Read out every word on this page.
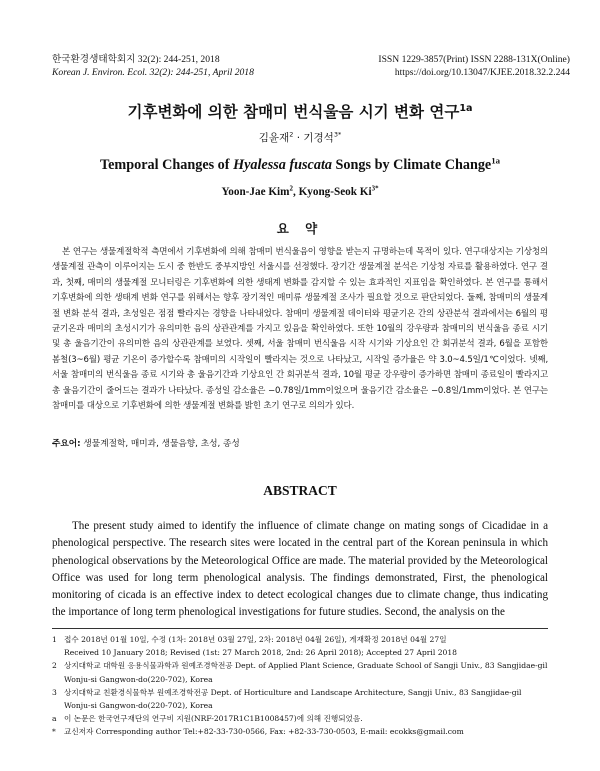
한국환경생태학회지 32(2): 244-251, 2018
Korean J. Environ. Ecol. 32(2): 244-251, April 2018
ISSN 1229-3857(Print) ISSN 2288-131X(Online)
https://doi.org/10.13047/KJEE.2018.32.2.244
기후변화에 의한 참매미 번식울음 시기 변화 연구$^{1a}$
김윤재$^2$ · 기경석$^{3*}$
Temporal Changes of Hyalessa fuscata Songs by Climate Change$^{1a}$
Yoon-Jae Kim$^2$, Kyong-Seok $Ki^{3*}$
요 약

본 연구는 생물계절학적 측면에서 기후변화에 의해 참매미 번식울음이 영향을 받는지 규명하는데 목적이 있다. 연구대상지는 기상청의 생물계절 관측이 이루어지는 도시 중 한반도 중부지방인 서울시를 선정했다. 장기간 생물계절 분석은 기상청 자료를 활용하였다. 연구 결과, 첫째, 매미의 생물계절 모니터링은 기후변화에 의한 생태계 변화를 감지할 수 있는 효과적인 지표임을 확인하였다. 본 연구를 통해서 기후변화에 의한 생태계 변화 연구를 위해서는 향후 장기적인 매미류 생물계절 조사가 필요할 것으로 판단되었다. 둘째, 참매미의 생물계절 변화 분석 결과, 초성일은 점점 빨라지는 경향을 나타내었다. 참매미 생물계절 데이터와 평균기온 간의 상관분석 결과에서는 6월의 평균기온과 매미의 초성시기가 유의미한 음의 상관관계를 가지고 있음을 확인하였다. 또한 10월의 강우량과 참매미의 번식울음 종료 시기 및 총 울음기간이 유의미한 음의 상관관계를 보였다. 셋째, 서울 참매미 번식울음 시작 시기와 기상요인 간 회귀분석 결과, 6월을 포함한 봄철(3~6월) 평균 기온이 증가할수록 참매미의 시작일이 빨라지는 것으로 나타났고, 시작일 증가율은 약 3.0~4.5일/1℃이었다. 넷째, 서울 참매미의 번식울음 종료 시기와 총 울음기간과 기상요인 간 회귀분석 결과, 10월 평균 강우량이 증가하면 참매미 종료일이 빨라지고 총 울음기간이 줄어드는 결과가 나타났다. 종성일 감소율은 −0.78일/1mm이었으며 울음기간 감소율은 −0.8일/1mm이었다. 본 연구는 참매미를 대상으로 기후변화에 의한 생물계절 변화를 밝힌 초기 연구로 의의가 있다.

주요어: 생물계절학, 매미과, 생물음향, 초성, 종성
ABSTRACT

The present study aimed to identify the influence of climate change on mating songs of Cicadidae in a phenological perspective. The research sites were located in the central part of the Korean peninsula in which phenological observations by the Meteorological Office are made. The material provided by the Meteorological Office was used for long term phenological analysis. The findings demonstrated, First, the phenological monitoring of cicada is an effective index to detect ecological changes due to climate change, thus indicating the importance of long term phenological investigations for future studies. Second, the analysis on the

1 접수 2018년 01월 10일, 수정 (1차: 2018년 03월 27일, 2차: 2018년 04월 26일), 게재확정 2018년 04월 27일
Received 10 January 2018; Revised (1st: 27 March 2018, 2nd: 26 April 2018); Accepted 27 April 2018
2 상지대학교 대학원 응용식물과학과 원예조경학전공 Dept. of Applied Plant Science, Graduate School of Sangji Univ., 83 Sangjidae-gil
Wonju-si Gangwon-do(220-702), Korea
3 상지대학교 친환경식물학부 원예조경학전공 Dept. of Horticulture and Landscape Architecture, Sangji Univ., 83 Sangjidae-gil
Wonju-si Gangwon-do(220-702), Korea
a 이 논문은 한국연구재단의 연구비 지원(NRF-2017R1C1B1008457)에 의해 진행되었음.
* 교신저자 Corresponding author Tel:+82-33-730-0566, Fax: +82-33-730-0503, E-mail: ecokks@gmail.com
